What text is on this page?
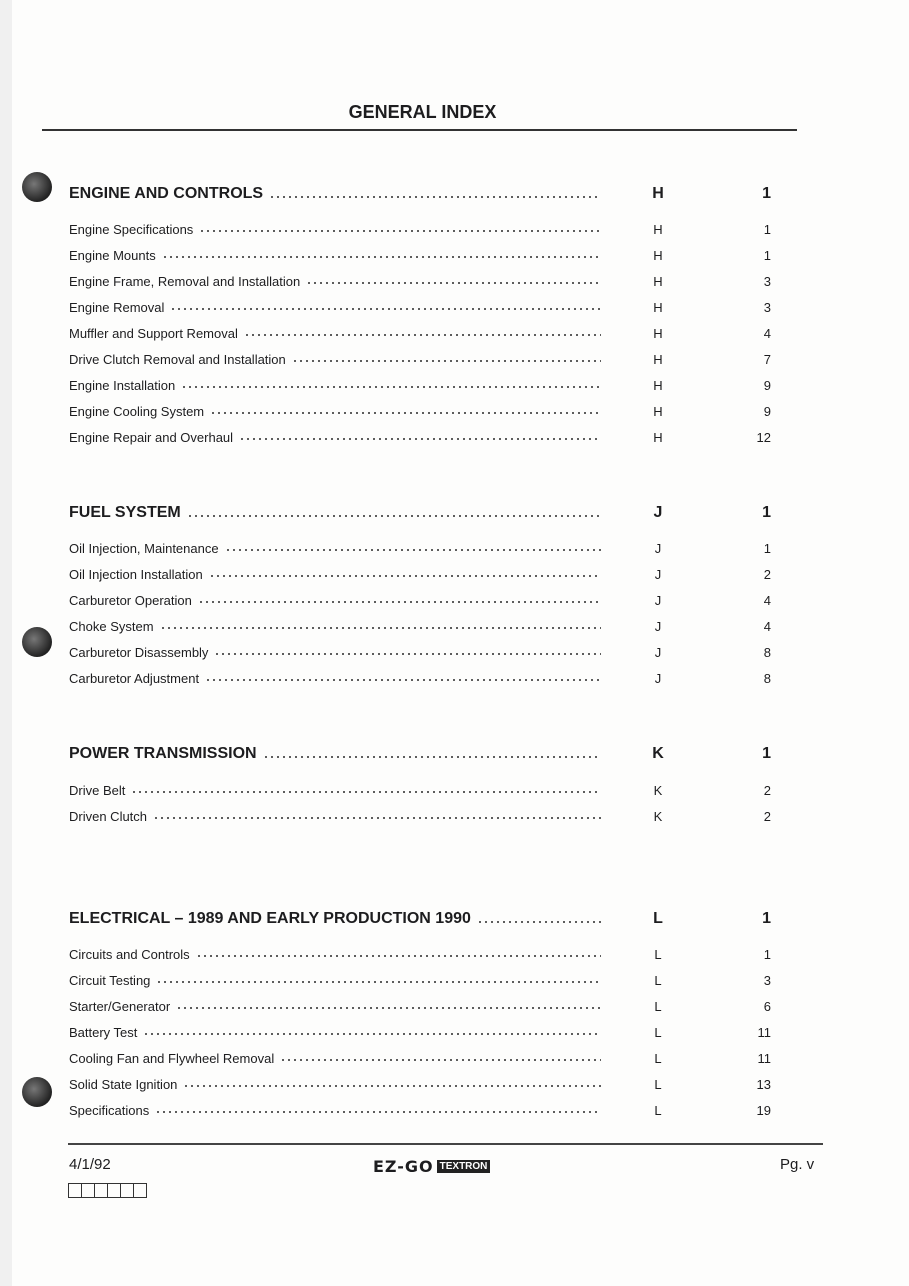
GENERAL INDEX
ENGINE AND CONTROLS	H	1
Engine Specifications	H	1
Engine Mounts	H	1
Engine Frame, Removal and Installation	H	3
Engine Removal	H	3
Muffler and Support Removal	H	4
Drive Clutch Removal and Installation	H	7
Engine Installation	H	9
Engine Cooling System	H	9
Engine Repair and Overhaul	H	12
FUEL SYSTEM	J	1
Oil Injection, Maintenance	J	1
Oil Injection Installation	J	2
Carburetor Operation	J	4
Choke System	J	4
Carburetor Disassembly	J	8
Carburetor Adjustment	J	8
POWER TRANSMISSION	K	1
Drive Belt	K	2
Driven Clutch	K	2
ELECTRICAL – 1989 AND EARLY PRODUCTION 1990	L	1
Circuits and Controls	L	1
Circuit Testing	L	3
Starter/Generator	L	6
Battery Test	L	11
Cooling Fan and Flywheel Removal	L	11
Solid State Ignition	L	13
Specifications	L	19
4/1/92	EZ-GO TEXTRON	Pg. v
